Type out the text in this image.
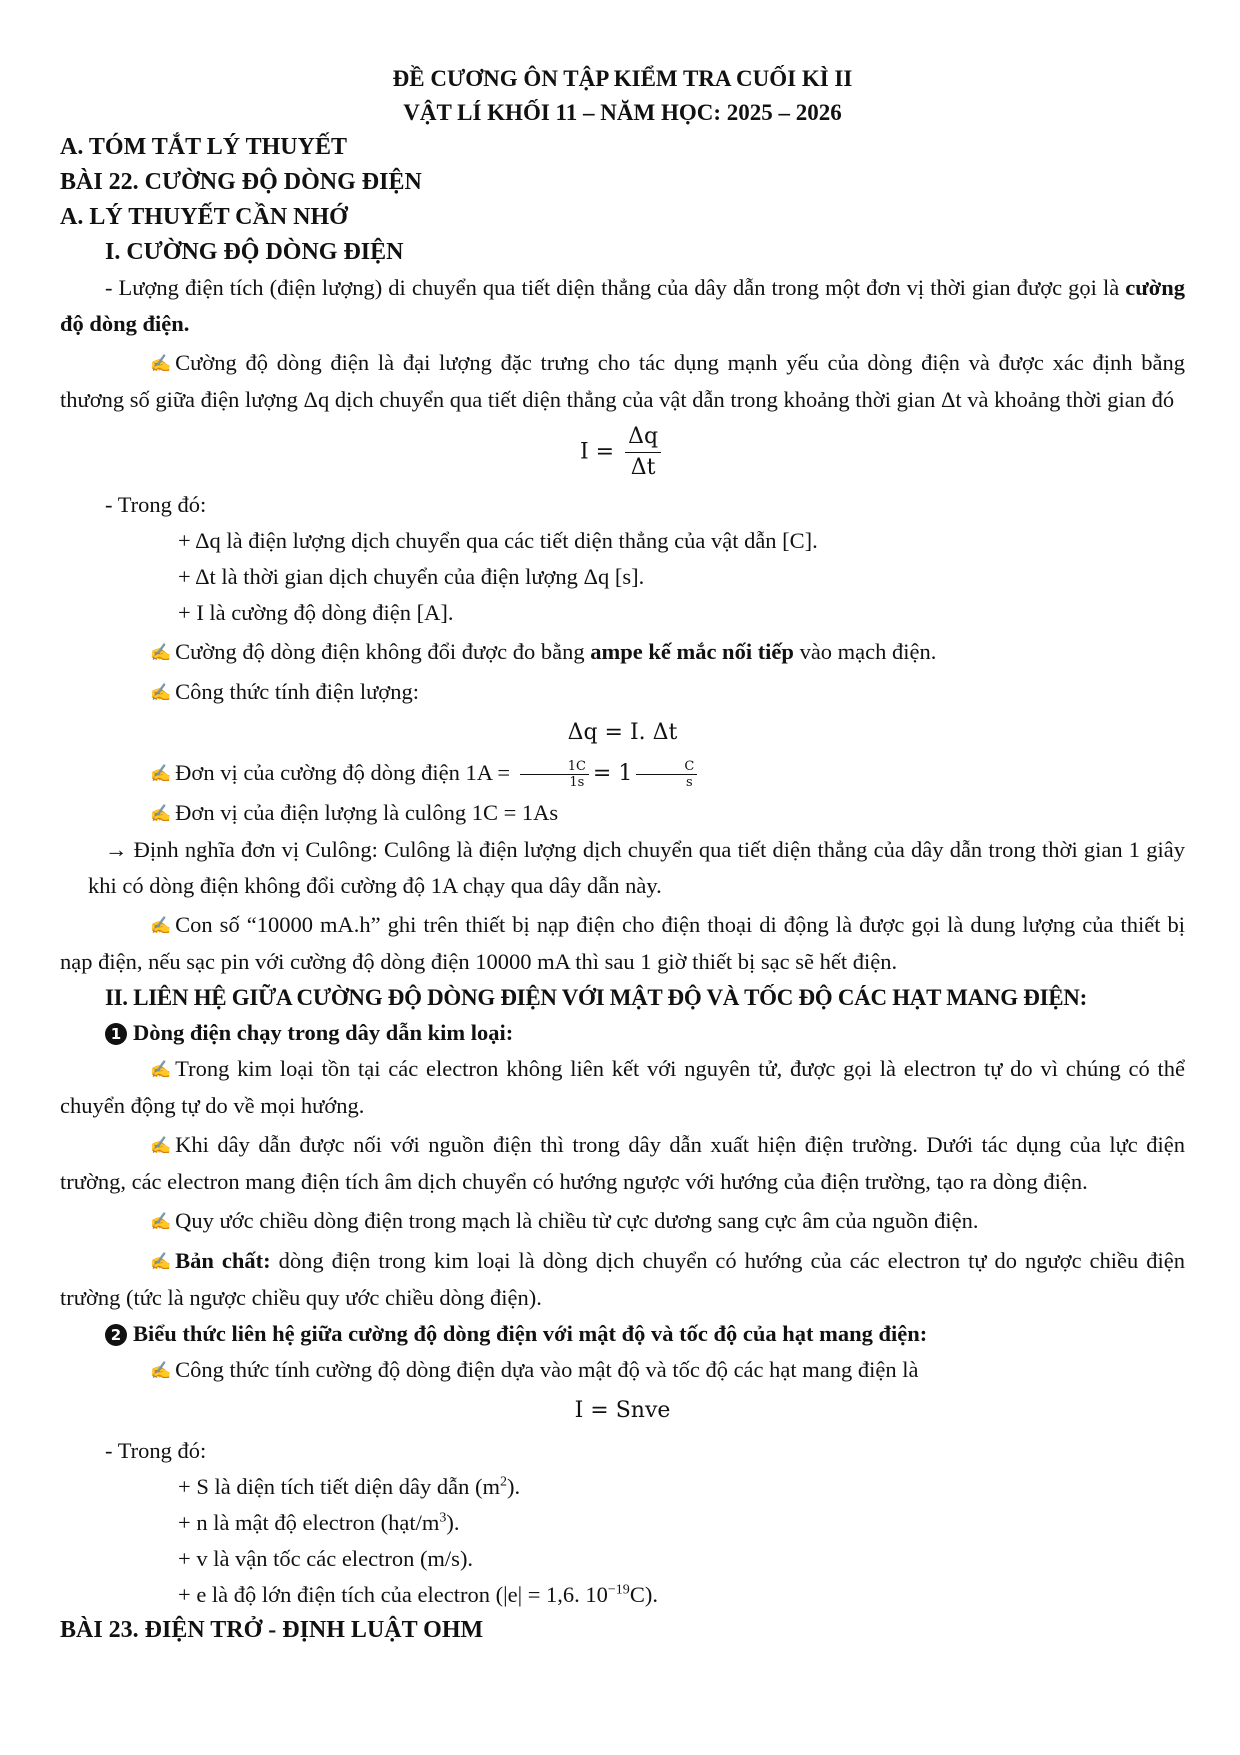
ĐỀ CƯƠNG ÔN TẬP KIỂM TRA CUỐI KÌ II
VẬT LÍ KHỐI 11 – NĂM HỌC: 2025 – 2026
A. TÓM TẮT LÝ THUYẾT
BÀI 22. CƯỜNG ĐỘ DÒNG ĐIỆN
A. LÝ THUYẾT CẦN NHỚ
I. CƯỜNG ĐỘ DÒNG ĐIỆN
- Lượng điện tích (điện lượng) di chuyển qua tiết diện thẳng của dây dẫn trong một đơn vị thời gian được gọi là cường độ dòng điện.
✍ Cường độ dòng điện là đại lượng đặc trưng cho tác dụng mạnh yếu của dòng điện và được xác định bằng thương số giữa điện lượng Δq dịch chuyển qua tiết diện thẳng của vật dẫn trong khoảng thời gian Δt và khoảng thời gian đó
$I = \frac{\Delta q}{\Delta t}$
- Trong đó:
+ Δq là điện lượng dịch chuyển qua các tiết diện thẳng của vật dẫn [C].
+ Δt là thời gian dịch chuyển của điện lượng Δq [s].
+ I là cường độ dòng điện [A].
✍ Cường độ dòng điện không đổi được đo bằng ampe kế mắc nối tiếp vào mạch điện.
✍ Công thức tính điện lượng:
Δq = I. Δt
✍ Đơn vị của cường độ dòng điện $1A = \frac{1C}{1s} = 1 \frac{C}{s}$
✍ Đơn vị của điện lượng là culông 1C = 1As
→ Định nghĩa đơn vị Culông: Culông là điện lượng dịch chuyển qua tiết diện thẳng của dây dẫn trong thời gian 1 giây khi có dòng điện không đổi cường độ 1A chạy qua dây dẫn này.
✍ Con số “10000 mA.h” ghi trên thiết bị nạp điện cho điện thoại di động là được gọi là dung lượng của thiết bị nạp điện, nếu sạc pin với cường độ dòng điện 10000 mA thì sau 1 giờ thiết bị sạc sẽ hết điện.
II. LIÊN HỆ GIỮA CƯỜNG ĐỘ DÒNG ĐIỆN VỚI MẬT ĐỘ VÀ TỐC ĐỘ CÁC HẠT MANG ĐIỆN:
1 Dòng điện chạy trong dây dẫn kim loại:
✍ Trong kim loại tồn tại các electron không liên kết với nguyên tử, được gọi là electron tự do vì chúng có thể chuyển động tự do về mọi hướng.
✍ Khi dây dẫn được nối với nguồn điện thì trong dây dẫn xuất hiện điện trường. Dưới tác dụng của lực điện trường, các electron mang điện tích âm dịch chuyển có hướng ngược với hướng của điện trường, tạo ra dòng điện.
✍ Quy ước chiều dòng điện trong mạch là chiều từ cực dương sang cực âm của nguồn điện.
✍ Bản chất: dòng điện trong kim loại là dòng dịch chuyển có hướng của các electron tự do ngược chiều điện trường (tức là ngược chiều quy ước chiều dòng điện).
2 Biểu thức liên hệ giữa cường độ dòng điện với mật độ và tốc độ của hạt mang điện:
✍ Công thức tính cường độ dòng điện dựa vào mật độ và tốc độ các hạt mang điện là
I = Snve
- Trong đó:
+ S là diện tích tiết diện dây dẫn $(m^2)$.
+ n là mật độ electron $(hạt/m^3)$.
+ v là vận tốc các electron (m/s).
+ e là độ lớn điện tích của electron (|e| = 1,6. $10^{-19}C$).
BÀI 23. ĐIỆN TRỞ - ĐỊNH LUẬT OHM
